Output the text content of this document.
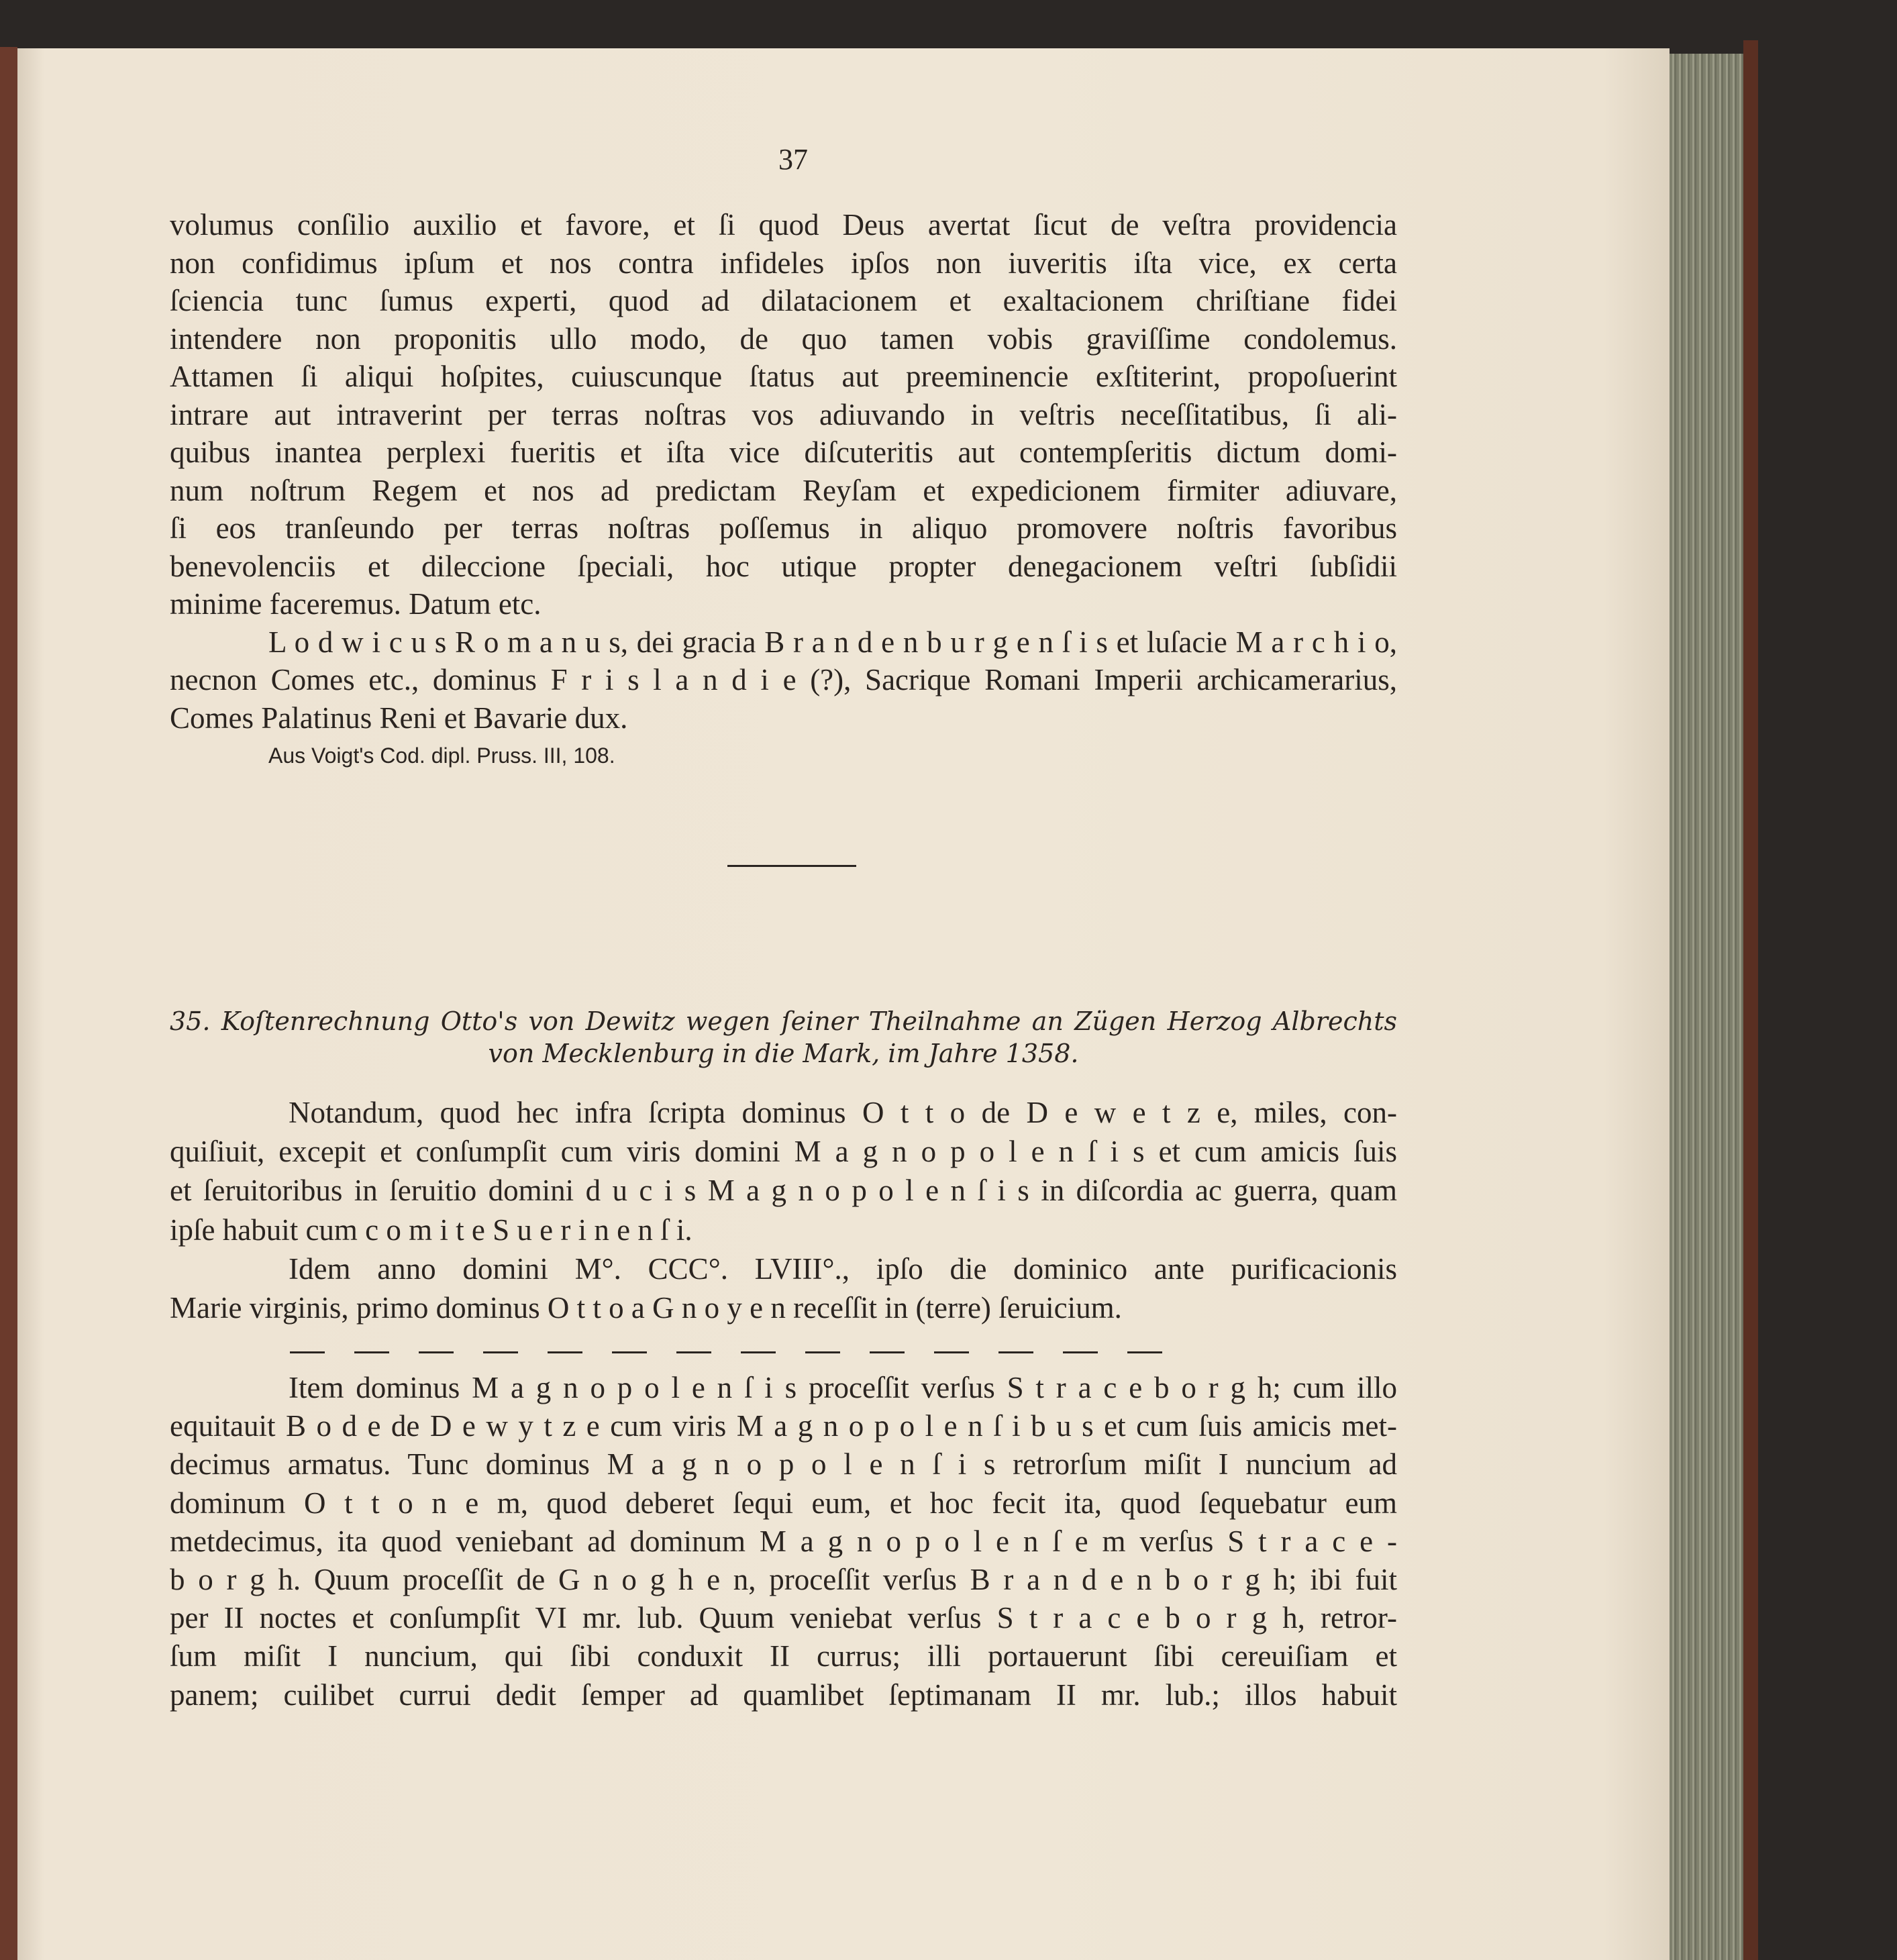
37
volumus conſilio auxilio et favore, et ſi quod Deus avertat ſicut de veſtra providencia
non confidimus ipſum et nos contra infideles ipſos non iuveritis iſta vice, ex certa
ſciencia tunc ſumus experti, quod ad dilatacionem et exaltacionem chriſtiane fidei
intendere non proponitis ullo modo, de quo tamen vobis graviſſime condolemus.
Attamen ſi aliqui hoſpites, cuiuscunque ſtatus aut preeminencie exſtiterint, propoſuerint
intrare aut intraverint per terras noſtras vos adiuvando in veſtris neceſſitatibus, ſi ali-
quibus inantea perplexi fueritis et iſta vice diſcuteritis aut contempſeritis dictum domi-
num noſtrum Regem et nos ad predictam Reyſam et expedicionem firmiter adiuvare,
ſi eos tranſeundo per terras noſtras poſſemus in aliquo promovere noſtris favoribus
benevolenciis et dileccione ſpeciali, hoc utique propter denegacionem veſtri ſubſidii
minime faceremus. Datum etc.
L o d w i c u s R o m a n u s, dei gracia B r a n d e n b u r g e n ſ i s et luſacie M a r c h i o,
necnon Comes etc., dominus F r i s l a n d i e (?), Sacrique Romani Imperii archicamerarius,
Comes Palatinus Reni et Bavarie dux.
Aus Voigt's Cod. dipl. Pruss. III, 108.
35. Koſtenrechnung Otto's von Dewitz wegen ſeiner Theilnahme an Zügen Herzog Albrechts
von Mecklenburg in die Mark, im Jahre 1358.
Notandum, quod hec infra ſcripta dominus O t t o de D e w e t z e, miles, con-
quiſiuit, excepit et conſumpſit cum viris domini M a g n o p o l e n ſ i s et cum amicis ſuis
et ſeruitoribus in ſeruitio domini d u c i s M a g n o p o l e n ſ i s in diſcordia ac guerra, quam
ipſe habuit cum c o m i t e S u e r i n e n ſ i.
Idem anno domini M°. CCC°. LVIII°., ipſo die dominico ante purificacionis
Marie virginis, primo dominus O t t o a G n o y e n receſſit in (terre) ſeruicium.
Item dominus M a g n o p o l e n ſ i s proceſſit verſus S t r a c e b o r g h; cum illo
equitauit B o d e de D e w y t z e cum viris M a g n o p o l e n ſ i b u s et cum ſuis amicis met-
decimus armatus. Tunc dominus M a g n o p o l e n ſ i s retrorſum miſit I nuncium ad
dominum O t t o n e m, quod deberet ſequi eum, et hoc fecit ita, quod ſequebatur eum
metdecimus, ita quod veniebant ad dominum M a g n o p o l e n ſ e m verſus S t r a c e -
b o r g h. Quum proceſſit de G n o g h e n, proceſſit verſus B r a n d e n b o r g h; ibi fuit
per II noctes et conſumpſit VI mr. lub. Quum veniebat verſus S t r a c e b o r g h, retror-
ſum miſit I nuncium, qui ſibi conduxit II currus; illi portauerunt ſibi cereuiſiam et
panem; cuilibet currui dedit ſemper ad quamlibet ſeptimanam II mr. lub.; illos habuit
